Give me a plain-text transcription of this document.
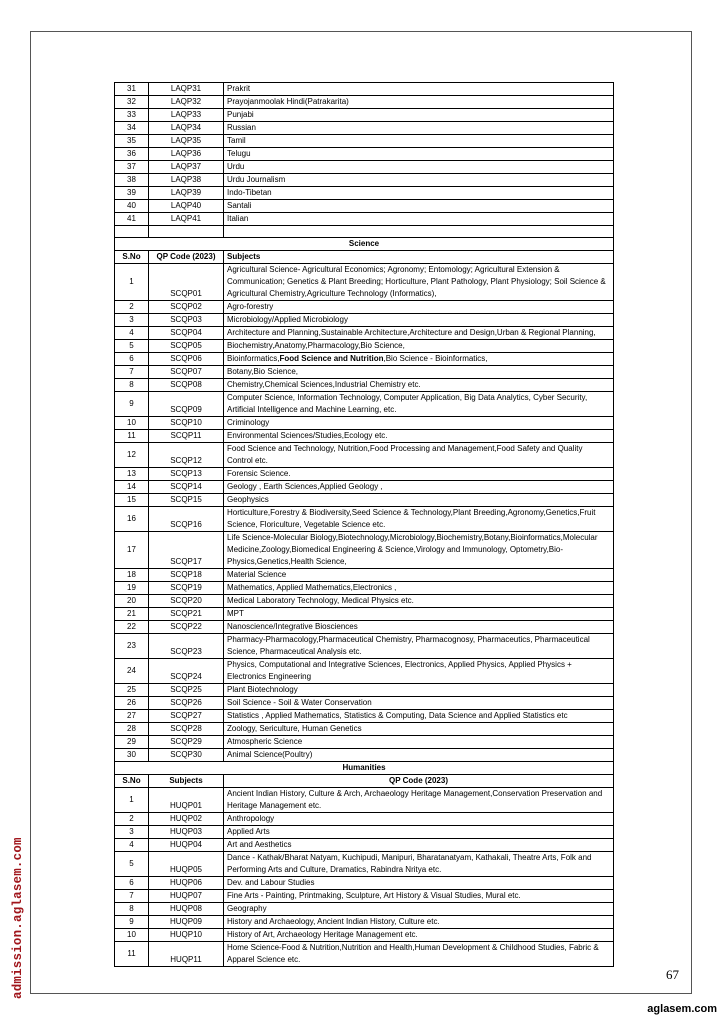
31	LAQP31	Prakrit
32	LAQP32	Prayojanmoolak Hindi(Patrakarita)
33	LAQP33	Punjabi
34	LAQP34	Russian
35	LAQP35	Tamil
36	LAQP36	Telugu
37	LAQP37	Urdu
38	LAQP38	Urdu Journalism
39	LAQP39	Indo-Tibetan
40	LAQP40	Santali
41	LAQP41	Italian

Science		
S.No	QP Code (2023)	Subjects
1	SCQP01	Agricultural Science- Agricultural Economics; Agronomy; Entomology; Agricultural Extension & Communication; Genetics & Plant Breeding; Horticulture, Plant Pathology, Plant Physiology; Soil Science & Agricultural Chemistry,Agriculture Technology (Informatics),
2	SCQP02	Agro-forestry
3	SCQP03	Microbiology/Applied Microbiology
4	SCQP04	Architecture and Planning,Sustainable Architecture,Architecture and Design,Urban & Regional Planning,
5	SCQP05	Biochemistry,Anatomy,Pharmacology,Bio Science,
6	SCQP06	Bioinformatics,Food Science and Nutrition,Bio Science - Bioinformatics,
7	SCQP07	Botany,Bio Science,
8	SCQP08	Chemistry,Chemical Sciences,Industrial Chemistry etc.
9	SCQP09	Computer Science, Information Technology, Computer Application, Big Data Analytics, Cyber Security, Artificial Intelligence and Machine Learning, etc.
10	SCQP10	Criminology
11	SCQP11	Environmental Sciences/Studies,Ecology etc.
12	SCQP12	Food Science and Technology, Nutrition,Food Processing and Management,Food Safety and Quality Control etc.
13	SCQP13	Forensic Science.
14	SCQP14	Geology , Earth Sciences,Applied Geology ,
15	SCQP15	Geophysics
16	SCQP16	Horticulture,Forestry & Biodiversity,Seed Science & Technology,Plant Breeding,Agronomy,Genetics,Fruit Science, Floriculture, Vegetable Science etc.
17	SCQP17	Life Science-Molecular Biology,Biotechnology,Microbiology,Biochemistry,Botany,Bioinformatics,Molecular Medicine,Zoology,Biomedical Engineering & Science,Virology and Immunology, Optometry,Bio-Physics,Genetics,Health Science,
18	SCQP18	Material Science
19	SCQP19	Mathematics, Applied Mathematics,Electronics ,
20	SCQP20	Medical Laboratory Technology, Medical Physics etc.
21	SCQP21	MPT
22	SCQP22	Nanoscience/Integrative Biosciences
23	SCQP23	Pharmacy-Pharmacology,Pharmaceutical Chemistry, Pharmacognosy, Pharmaceutics, Pharmaceutical Science, Pharmaceutical Analysis etc.
24	SCQP24	Physics, Computational and Integrative Sciences, Electronics, Applied Physics, Applied Physics + Electronics Engineering
25	SCQP25	Plant Biotechnology
26	SCQP26	Soil Science - Soil & Water Conservation
27	SCQP27	Statistics , Applied Mathematics, Statistics & Computing, Data Science and Applied Statistics etc
28	SCQP28	Zoology, Sericulture, Human Genetics
29	SCQP29	Atmospheric Science
30	SCQP30	Animal Science(Poultry)
Humanities		
S.No	Subjects	QP Code (2023)
1	HUQP01	Ancient Indian History, Culture & Arch, Archaeology Heritage Management,Conservation Preservation and Heritage Management etc.
2	HUQP02	Anthropology
3	HUQP03	Applied Arts
4	HUQP04	Art and Aesthetics
5	HUQP05	Dance - Kathak/Bharat Natyam, Kuchipudi, Manipuri, Bharatanatyam, Kathakali, Theatre Arts, Folk and Performing Arts and Culture, Dramatics, Rabindra Nritya etc.
6	HUQP06	Dev. and Labour Studies
7	HUQP07	Fine Arts - Painting, Printmaking, Sculpture, Art History & Visual Studies, Mural etc.
8	HUQP08	Geography
9	HUQP09	History and Archaeology, Ancient Indian History, Culture etc.
10	HUQP10	History of Art, Archaeology Heritage Management etc.
11	HUQP11	Home Science-Food & Nutrition,Nutrition and Health,Human Development & Childhood Studies, Fabric & Apparel Science etc.
67
admission.aglasem.com
aglasem.com
